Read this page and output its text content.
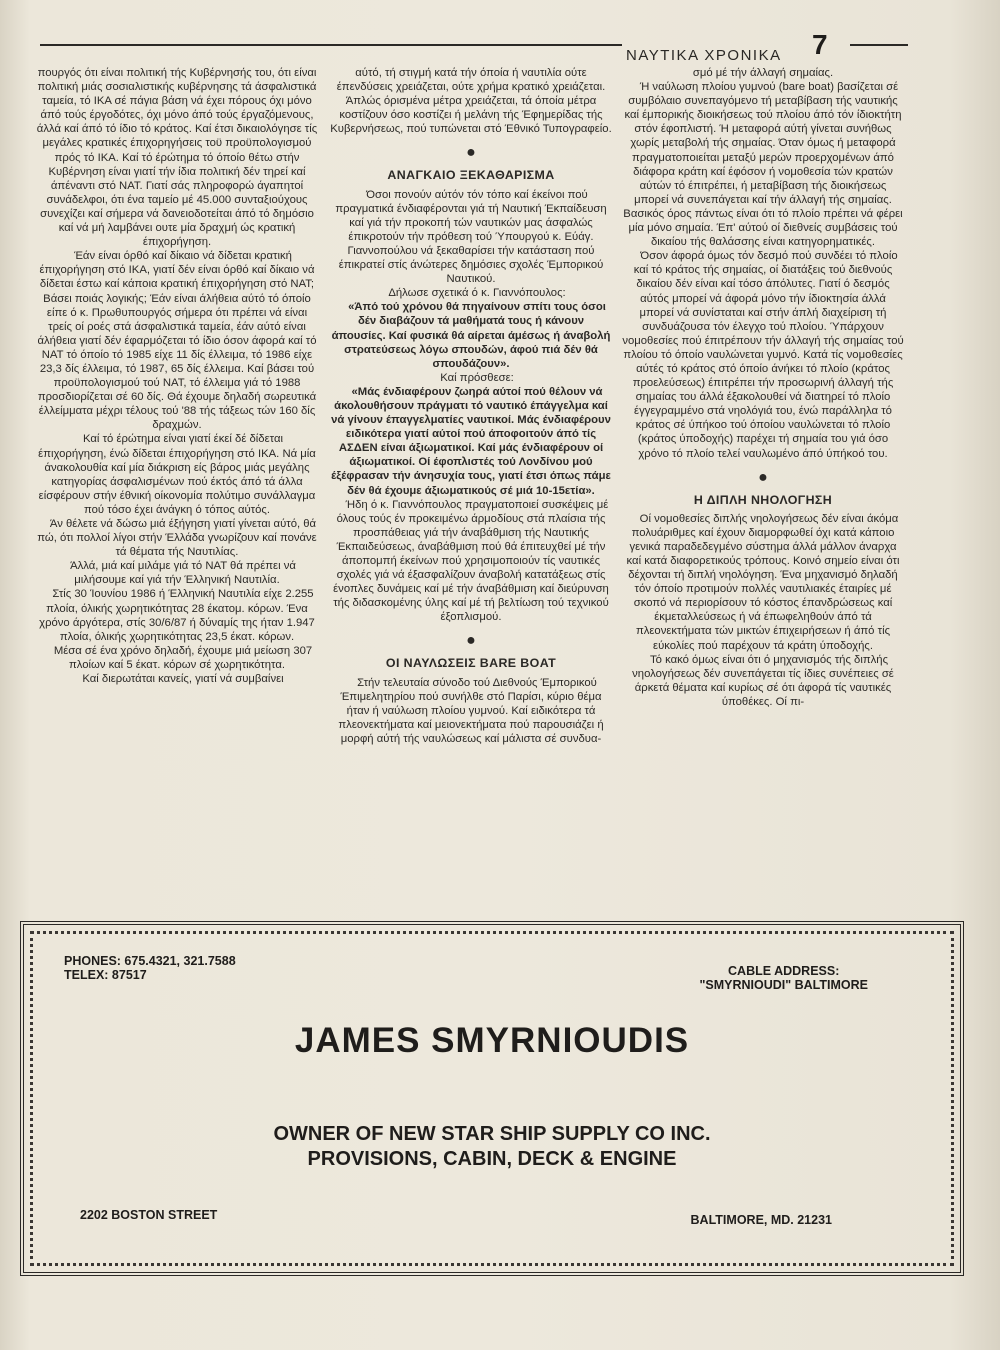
ΝΑΥΤΙΚΑ ΧΡΟΝΙΚΑ	7

πουργός ότι είναι πολιτική τής Κυβέρνησής του, ότι είναι πολιτική μιάς σοσιαλιστικής κυβέρνησης τά άσφαλιστικά ταμεία, τό ΙΚΑ σέ πάγια βάση νά έχει πόρους όχι μόνο άπό τούς έργοδότες, όχι μόνο άπό τούς έργαζόμενους, άλλά καί άπό τό ίδιο τό κράτος. Καί έτσι δικαιολόγησε τίς μεγάλες κρατικές έπιχορηγήσεις τοϋ προϋπολογισμού πρός τό ΙΚΑ. Καί τό έρώτημα τό όποίο θέτω στήν Κυβέρνηση είναι γιατί τήν ίδια πολιτική δέν τηρεί καί άπέναντι στό ΝΑΤ. Γιατί σάς πληροφορώ άγαπητοί συνάδελφοι, ότι ένα ταμείο μέ 45.000 συνταξιούχους συνεχίζει καί σήμερα νά δανειοδοτείται άπό τό δημόσιο καί νά μή λαμβάνει ουτε μία δραχμή ώς κρατική έπιχορήγηση.

Έάν είναι όρθό καί δίκαιο νά δίδεται κρατική έπιχορήγηση στό ΙΚΑ, γιατί δέν είναι όρθό καί δίκαιο νά δίδεται έστω καί κάποια κρατική έπιχορήγηση στό ΝΑΤ; Βάσει ποιάς λογικής; Έάν είναι άλήθεια αύτό τό όποίο είπε ό κ. Πρωθυπουργός σήμερα ότι πρέπει νά είναι τρείς οί ροές στά άσφαλιστικά ταμεία, έάν αύτό είναι άλήθεια γιατί δέν έφαρμόζεται τό ίδιο όσον άφορά καί τό ΝΑΤ τό όποίο τό 1985 είχε 11 δίς έλλειμα, τό 1986 είχε 23,3 δίς έλλειμα, τό 1987, 65 δίς έλλειμα. Καί βάσει τού προϋπολογισμού τού ΝΑΤ, τό έλλειμα γιά τό 1988 προσδιορίζεται σέ 60 δίς. Θά έχουμε δηλαδή σωρευτικά έλλείμματα μέχρι τέλους τού '88 τής τάξεως τών 160 δίς δραχμών.

Καί τό έρώτημα είναι γιατί έκεί δέ δίδεται έπιχορήγηση, ένώ δίδεται έπιχορήγηση στό ΙΚΑ. Νά μία άνακολουθία καί μία διάκριση είς βάρος μιάς μεγάλης κατηγορίας άσφαλισμένων πού έκτός άπό τά άλλα είσφέρουν στήν έθνική οίκονομία πολύτιμο συνάλλαγμα πού τόσο έχει άνάγκη ό τόπος αύτός.

Άν θέλετε νά δώσω μιά έξήγηση γιατί γίνεται αύτό, θά πώ, ότι πολλοί λίγοι στήν Έλλάδα γνωρίζουν καί πονάνε τά θέματα τής Ναυτιλίας.

Άλλά, μιά καί μιλάμε γιά τό ΝΑΤ θά πρέπει νά μιλήσουμε καί γιά τήν Έλληνική Ναυτιλία.

Στίς 30 Ίουνίου 1986 ή Έλληνική Ναυτιλία είχε 2.255 πλοία, όλικής χωρητικότητας 28 έκατομ. κόρων. Ένα χρόνο άργότερα, στίς 30/6/87 ή δύναμίς της ήταν 1.947 πλοία, όλικής χωρητικότητας 23,5 έκατ. κόρων.

Μέσα σέ ένα χρόνο δηλαδή, έχουμε μιά μείωση 307 πλοίων καί 5 έκατ. κόρων σέ χωρητικότητα.

Καί διερωτάται κανείς, γιατί νά συμβαίνει

αύτό, τή στιγμή κατά τήν όποία ή ναυτιλία ούτε έπενδύσεις χρειάζεται, ούτε χρήμα κρατικό χρειάζεται. Άπλώς όρισμένα μέτρα χρειάζεται, τά όποία μέτρα κοστίζουν όσο κοστίζει ή μελάνη τής Έφημερίδας τής Κυβερνήσεως, πού τυπώνεται στό Έθνικό Τυπογραφείο.

●
ΑΝΑΓΚΑΙΟ ΞΕΚΑΘΑΡΙΣΜΑ

Όσοι πονούν αύτόν τόν τόπο καί έκείνοι πού πραγματικά ένδιαφέρονται γιά τή Ναυτική Έκπαίδευση καί γιά τήν προκοπή τών ναυτικών μας άσφαλώς έπικροτούν τήν πρόθεση τού Ύπουργού κ. Εύάγ. Γιαννοπούλου νά ξεκαθαρίσει τήν κατάσταση πού έπικρατεί στίς άνώτερες δημόσιες σχολές Έμπορικού Ναυτικού.

Δήλωσε σχετικά ό κ. Γιαννόπουλος:

«Άπό τού χρόνου θά πηγαίνουν σπίτι τους όσοι δέν διαβάζουν τά μαθήματά τους ή κάνουν άπουσίες. Καί φυσικά θά αίρεται άμέσως ή άναβολή στρατεύσεως λόγω σπουδών, άφού πιά δέν θά σπουδάζουν».

Καί πρόσθεσε:

«Μάς ένδιαφέρουν ζωηρά αύτοί πού θέλουν νά άκολουθήσουν πράγματι τό ναυτικό έπάγγελμα καί νά γίνουν έπαγγελματίες ναυτικοί. Μάς ένδιαφέρουν ειδικότερα γιατί αύτοί πού άποφοιτούν άπό τίς ΑΣΔΕΝ είναι άξιωματικοί. Καί μάς ένδιαφέρουν οί άξιωματικοί. Οί έφοπλιστές τού Λονδίνου μού έξέφρασαν τήν άνησυχία τους, γιατί έτσι όπως πάμε δέν θά έχουμε άξιωματικούς σέ μιά 10-15ετία».

Ήδη ό κ. Γιαννόπουλος πραγματοποιεί συσκέψεις μέ όλους τούς έν προκειμένω άρμοδίους στά πλαίσια τής προσπάθειας γιά τήν άναβάθμιση τής Ναυτικής Έκπαιδεύσεως, άναβάθμιση πού θά έπιτευχθεί μέ τήν άποπομπή έκείνων πού χρησιμοποιούν τίς ναυτικές σχολές γιά νά έξασφαλίζουν άναβολή κατατάξεως στίς ένοπλες δυνάμεις καί μέ τήν άναβάθμιση καί διεύρυνση τής διδασκομένης ύλης καί μέ τή βελτίωση τού τεχνικού έξοπλισμού.

●
ΟΙ ΝΑΥΛΩΣΕΙΣ BARE BOAT

Στήν τελευταία σύνοδο τού Διεθνούς Έμπορικού Έπιμελητηρίου πού συνήλθε στό Παρίσι, κύριο θέμα ήταν ή ναύλωση πλοίου γυμνού. Καί ειδικότερα τά πλεονεκτήματα καί μειονεκτήματα πού παρουσιάζει ή μορφή αύτή τής ναυλώσεως καί μάλιστα σέ συνδυα-

σμό μέ τήν άλλαγή σημαίας.

Ή ναύλωση πλοίου γυμνού (bare boat) βασίζεται σέ συμβόλαιο συνεπαγόμενο τή μεταβίβαση τής ναυτικής καί έμπορικής διοικήσεως τού πλοίου άπό τόν ίδιοκτήτη στόν έφοπλιστή. Ή μεταφορά αύτή γίνεται συνήθως χωρίς μεταβολή τής σημαίας. Όταν όμως ή μεταφορά πραγματοποιείται μεταξύ μερών προερχομένων άπό διάφορα κράτη καί έφόσον ή νομοθεσία τών κρατών αύτών τό έπιτρέπει, ή μεταβίβαση τής διοικήσεως μπορεί νά συνεπάγεται καί τήν άλλαγή τής σημαίας. Βασικός όρος πάντως είναι ότι τό πλοίο πρέπει νά φέρει μία μόνο σημαία. Έπ' αύτού οί διεθνείς συμβάσεις τού δικαίου τής θαλάσσης είναι κατηγορηματικές.

Όσον άφορά όμως τόν δεσμό πού συνδέει τό πλοίο καί τό κράτος τής σημαίας, οί διατάξεις τού διεθνούς δικαίου δέν είναι καί τόσο άπόλυτες. Γιατί ό δεσμός αύτός μπορεί νά άφορά μόνο τήν ίδιοκτησία άλλά μπορεί νά συνίσταται καί στήν άπλή διαχείριση τή συνδυάζουσα τόν έλεγχο τού πλοίου. Ύπάρχουν νομοθεσίες πού έπιτρέπουν τήν άλλαγή τής σημαίας τού πλοίου τό όποίο ναυλώνεται γυμνό. Κατά τίς νομοθεσίες αύτές τό κράτος στό όποίο άνήκει τό πλοίο (κράτος προελεύσεως) έπιτρέπει τήν προσωρινή άλλαγή τής σημαίας του άλλά έξακολουθεί νά διατηρεί τό πλοίο έγγεγραμμένο στά νηολόγιά του, ένώ παράλληλα τό κράτος σέ ύπήκοο τού όποίου ναυλώνεται τό πλοίο (κράτος ύποδοχής) παρέχει τή σημαία του γιά όσο χρόνο τό πλοίο τελεί ναυλωμένο άπό ύπήκοό του.

●
Η ΔΙΠΛΗ ΝΗΟΛΟΓΗΣΗ

Οί νομοθεσίες διπλής νηολογήσεως δέν είναι άκόμα πολυάριθμες καί έχουν διαμορφωθεί όχι κατά κάποιο γενικά παραδεδεγμένο σύστημα άλλά μάλλον άναρχα καί κατά διαφορετικούς τρόπους. Κοινό σημείο είναι ότι δέχονται τή διπλή νηολόγηση. Ένα μηχανισμό δηλαδή τόν όποίο προτιμούν πολλές ναυτιλιακές έταιρίες μέ σκοπό νά περιορίσουν τό κόστος έπανδρώσεως καί έκμεταλλεύσεως ή νά έπωφεληθούν άπό τά πλεονεκτήματα τών μικτών έπιχειρήσεων ή άπό τίς εύκολίες πού παρέχουν τά κράτη ύποδοχής.

Τό κακό όμως είναι ότι ό μηχανισμός τής διπλής νηολογήσεως δέν συνεπάγεται τίς ίδιες συνέπειες σέ άρκετά θέματα καί κυρίως σέ ότι άφορά τίς ναυτικές ύποθέκες. Οί πι-

PHONES: 675.4321, 321.7588
TELEX: 87517	CABLE ADDRESS:
"SMYRNIOUDI" BALTIMORE
JAMES SMYRNIOUDIS
OWNER OF NEW STAR SHIP SUPPLY CO INC.
PROVISIONS, CABIN, DECK & ENGINE
2202 BOSTON STREET	BALTIMORE, MD. 21231
